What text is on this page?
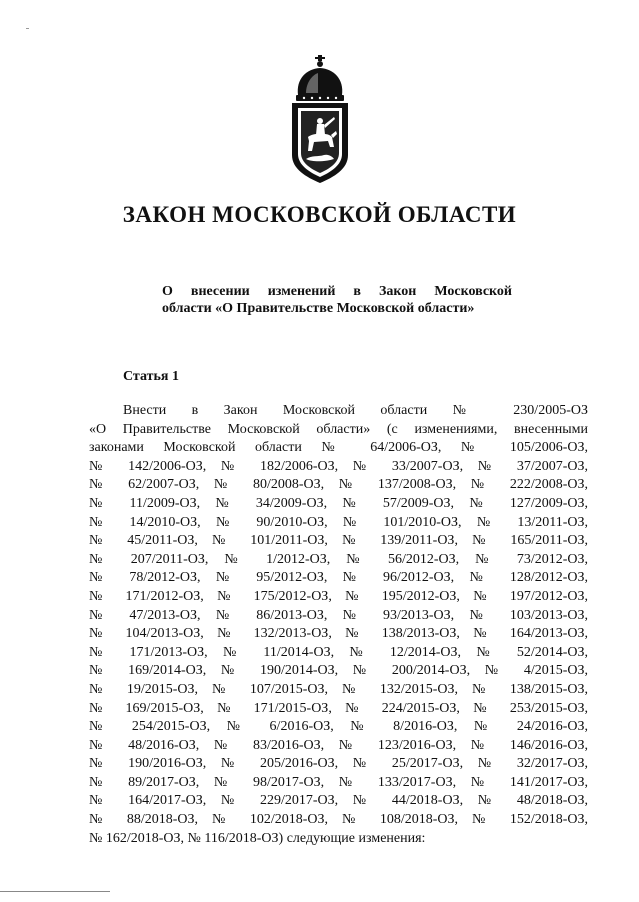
ЗАКОН МОСКОВСКОЙ ОБЛАСТИ
О внесении изменений в Закон Московской
области «О Правительстве Московской области»
Статья 1
Внести в Закон Московской области № 230/2005-ОЗ
«О Правительстве Московской области» (с изменениями, внесенными
законами Московской области № 64/2006-ОЗ, № 105/2006-ОЗ,
№ 142/2006-ОЗ, № 182/2006-ОЗ, № 33/2007-ОЗ, № 37/2007-ОЗ,
№ 62/2007-ОЗ, № 80/2008-ОЗ, № 137/2008-ОЗ, № 222/2008-ОЗ,
№ 11/2009-ОЗ, № 34/2009-ОЗ, № 57/2009-ОЗ, № 127/2009-ОЗ,
№ 14/2010-ОЗ, № 90/2010-ОЗ, № 101/2010-ОЗ, № 13/2011-ОЗ,
№ 45/2011-ОЗ, № 101/2011-ОЗ, № 139/2011-ОЗ, № 165/2011-ОЗ,
№ 207/2011-ОЗ, № 1/2012-ОЗ, № 56/2012-ОЗ, № 73/2012-ОЗ,
№ 78/2012-ОЗ, № 95/2012-ОЗ, № 96/2012-ОЗ, № 128/2012-ОЗ,
№ 171/2012-ОЗ, № 175/2012-ОЗ, № 195/2012-ОЗ, № 197/2012-ОЗ,
№ 47/2013-ОЗ, № 86/2013-ОЗ, № 93/2013-ОЗ, № 103/2013-ОЗ,
№ 104/2013-ОЗ, № 132/2013-ОЗ, № 138/2013-ОЗ, № 164/2013-ОЗ,
№ 171/2013-ОЗ, № 11/2014-ОЗ, № 12/2014-ОЗ, № 52/2014-ОЗ,
№ 169/2014-ОЗ, № 190/2014-ОЗ, № 200/2014-ОЗ, № 4/2015-ОЗ,
№ 19/2015-ОЗ, № 107/2015-ОЗ, № 132/2015-ОЗ, № 138/2015-ОЗ,
№ 169/2015-ОЗ, № 171/2015-ОЗ, № 224/2015-ОЗ, № 253/2015-ОЗ,
№ 254/2015-ОЗ, № 6/2016-ОЗ, № 8/2016-ОЗ, № 24/2016-ОЗ,
№ 48/2016-ОЗ, № 83/2016-ОЗ, № 123/2016-ОЗ, № 146/2016-ОЗ,
№ 190/2016-ОЗ, № 205/2016-ОЗ, № 25/2017-ОЗ, № 32/2017-ОЗ,
№ 89/2017-ОЗ, № 98/2017-ОЗ, № 133/2017-ОЗ, № 141/2017-ОЗ,
№ 164/2017-ОЗ, № 229/2017-ОЗ, № 44/2018-ОЗ, № 48/2018-ОЗ,
№ 88/2018-ОЗ, № 102/2018-ОЗ, № 108/2018-ОЗ, № 152/2018-ОЗ,
№ 162/2018-ОЗ, № 116/2018-ОЗ) следующие изменения:
